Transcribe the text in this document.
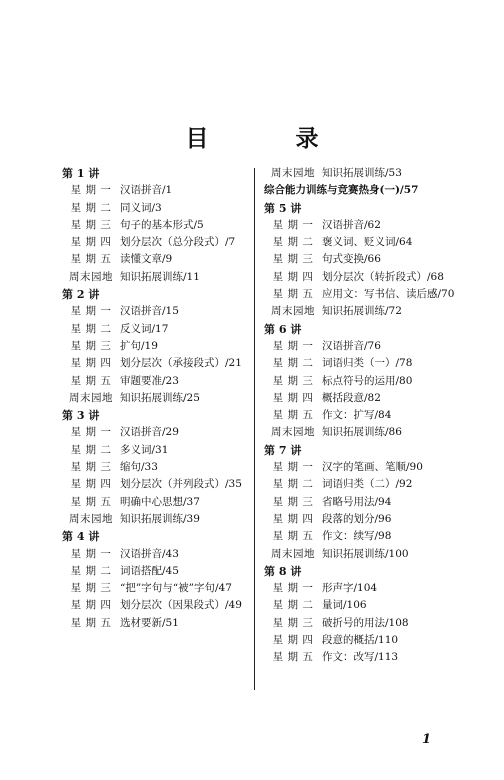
目　录
第 1 讲
星 期 一 汉语拼音/1
星 期 二 同义词/3
星 期 三 句子的基本形式/5
星 期 四 划分层次（总分段式）/7
星 期 五 读懂文章/9
周末园地 知识拓展训练/11
第 2 讲
星 期 一 汉语拼音/15
星 期 二 反义词/17
星 期 三 扩句/19
星 期 四 划分层次（承接段式）/21
星 期 五 审题要准/23
周末园地 知识拓展训练/25
第 3 讲
星 期 一 汉语拼音/29
星 期 二 多义词/31
星 期 三 缩句/33
星 期 四 划分层次（并列段式）/35
星 期 五 明确中心思想/37
周末园地 知识拓展训练/39
第 4 讲
星 期 一 汉语拼音/43
星 期 二 词语搭配/45
星 期 三 “把”字句与“被”字句/47
星 期 四 划分层次（因果段式）/49
星 期 五 选材要新/51
周末园地 知识拓展训练/53
综合能力训练与竞赛热身(一)/57
第 5 讲
星 期 一 汉语拼音/62
星 期 二 褒义词、贬义词/64
星 期 三 句式变换/66
星 期 四 划分层次（转折段式）/68
星 期 五 应用文：写书信、读后感/70
周末园地 知识拓展训练/72
第 6 讲
星 期 一 汉语拼音/76
星 期 二 词语归类（一）/78
星 期 三 标点符号的运用/80
星 期 四 概括段意/82
星 期 五 作文：扩写/84
周末园地 知识拓展训练/86
第 7 讲
星 期 一 汉字的笔画、笔顺/90
星 期 二 词语归类（二）/92
星 期 三 省略号用法/94
星 期 四 段落的划分/96
星 期 五 作文：续写/98
周末园地 知识拓展训练/100
第 8 讲
星 期 一 形声字/104
星 期 二 量词/106
星 期 三 破折号的用法/108
星 期 四 段意的概括/110
星 期 五 作文：改写/113
1
